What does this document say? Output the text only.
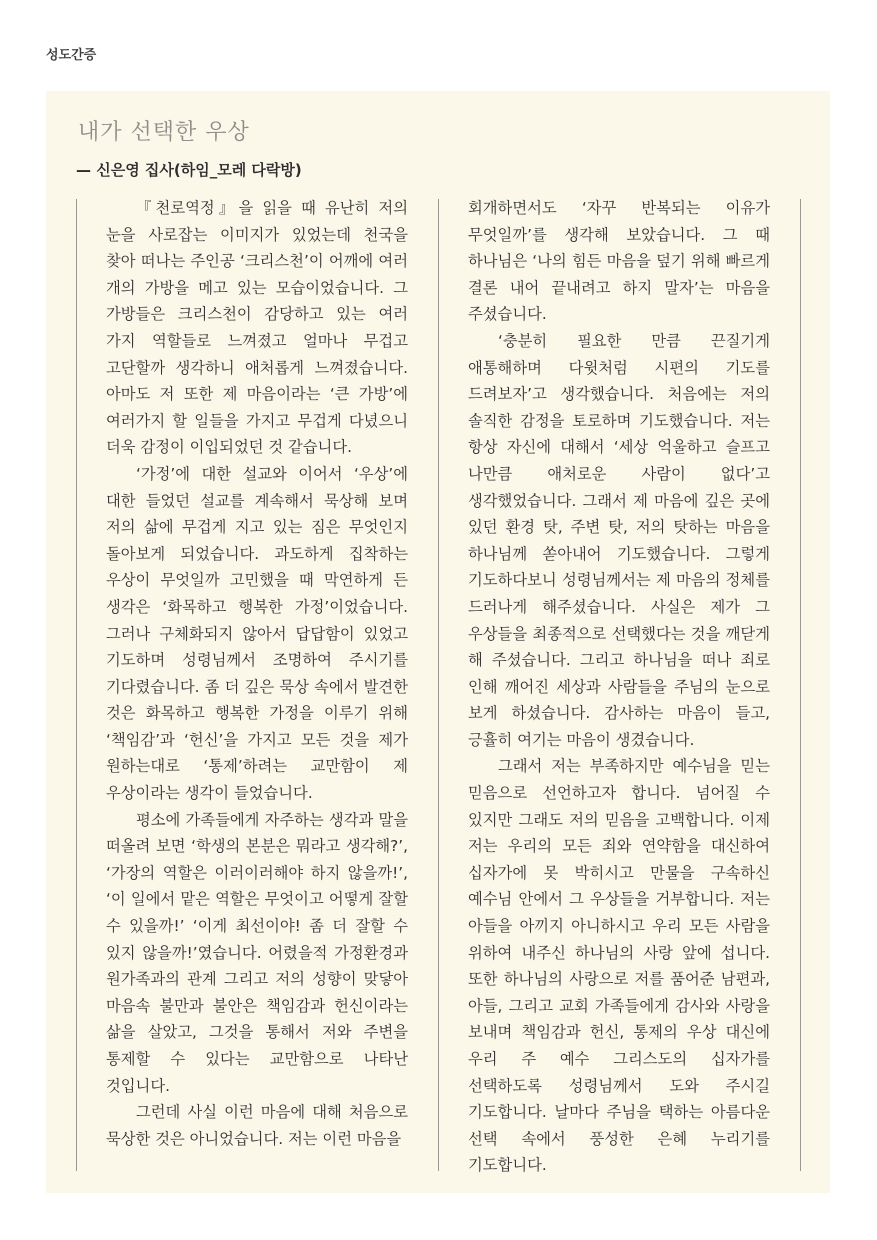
성도간증
내가 선택한 우상
— 신은영 집사(하임_모레 다락방)

『천로역정』을 읽을 때 유난히 저의 눈을 사로잡는 이미지가 있었는데 천국을 찾아 떠나는 주인공 ‘크리스천’이 어깨에 여러 개의 가방을 메고 있는 모습이었습니다. 그 가방들은 크리스천이 감당하고 있는 여러 가지 역할들로 느껴졌고 얼마나 무겁고 고단할까 생각하니 애처롭게 느껴졌습니다. 아마도 저 또한 제 마음이라는 ‘큰 가방’에 여러가지 할 일들을 가지고 무겁게 다녔으니 더욱 감정이 이입되었던 것 같습니다.

‘가정’에 대한 설교와 이어서 ‘우상’에 대한 들었던 설교를 계속해서 묵상해 보며 저의 삶에 무겁게 지고 있는 짐은 무엇인지 돌아보게 되었습니다. 과도하게 집착하는 우상이 무엇일까 고민했을 때 막연하게 든 생각은 ‘화목하고 행복한 가정’이었습니다. 그러나 구체화되지 않아서 답답함이 있었고 기도하며 성령님께서 조명하여 주시기를 기다렸습니다. 좀 더 깊은 묵상 속에서 발견한 것은 화목하고 행복한 가정을 이루기 위해 ‘책임감’과 ‘헌신’을 가지고 모든 것을 제가 원하는대로 ‘통제’하려는 교만함이 제 우상이라는 생각이 들었습니다.

평소에 가족들에게 자주하는 생각과 말을 떠올려 보면 ‘학생의 본분은 뭐라고 생각해?’, ‘가장의 역할은 이러이러해야 하지 않을까!’, ‘이 일에서 맡은 역할은 무엇이고 어떻게 잘할 수 있을까!’ ‘이게 최선이야! 좀 더 잘할 수 있지 않을까!’였습니다. 어렸을적 가정환경과 원가족과의 관계 그리고 저의 성향이 맞닿아 마음속 불만과 불안은 책임감과 헌신이라는 삶을 살았고, 그것을 통해서 저와 주변을 통제할 수 있다는 교만함으로 나타난 것입니다.

그런데 사실 이런 마음에 대해 처음으로 묵상한 것은 아니었습니다. 저는 이런 마음을

회개하면서도 ‘자꾸 반복되는 이유가 무엇일까’를 생각해 보았습니다. 그 때 하나님은 ‘나의 힘든 마음을 덮기 위해 빠르게 결론 내어 끝내려고 하지 말자’는 마음을 주셨습니다.

‘충분히 필요한 만큼 끈질기게 애통해하며 다윗처럼 시편의 기도를 드려보자’고 생각했습니다. 처음에는 저의 솔직한 감정을 토로하며 기도했습니다. 저는 항상 자신에 대해서 ‘세상 억울하고 슬프고 나만큼 애처로운 사람이 없다’고 생각했었습니다. 그래서 제 마음에 깊은 곳에 있던 환경 탓, 주변 탓, 저의 탓하는 마음을 하나님께 쏟아내어 기도했습니다. 그렇게 기도하다보니 성령님께서는 제 마음의 정체를 드러나게 해주셨습니다. 사실은 제가 그 우상들을 최종적으로 선택했다는 것을 깨닫게 해 주셨습니다. 그리고 하나님을 떠나 죄로 인해 깨어진 세상과 사람들을 주님의 눈으로 보게 하셨습니다. 감사하는 마음이 들고, 긍휼히 여기는 마음이 생겼습니다.

그래서 저는 부족하지만 예수님을 믿는 믿음으로 선언하고자 합니다. 넘어질 수 있지만 그래도 저의 믿음을 고백합니다. 이제 저는 우리의 모든 죄와 연약함을 대신하여 십자가에 못 박히시고 만물을 구속하신 예수님 안에서 그 우상들을 거부합니다. 저는 아들을 아끼지 아니하시고 우리 모든 사람을 위하여 내주신 하나님의 사랑 앞에 섭니다. 또한 하나님의 사랑으로 저를 품어준 남편과, 아들, 그리고 교회 가족들에게 감사와 사랑을 보내며 책임감과 헌신, 통제의 우상 대신에 우리 주 예수 그리스도의 십자가를 선택하도록 성령님께서 도와 주시길 기도합니다. 날마다 주님을 택하는 아름다운 선택 속에서 풍성한 은혜 누리기를 기도합니다.
